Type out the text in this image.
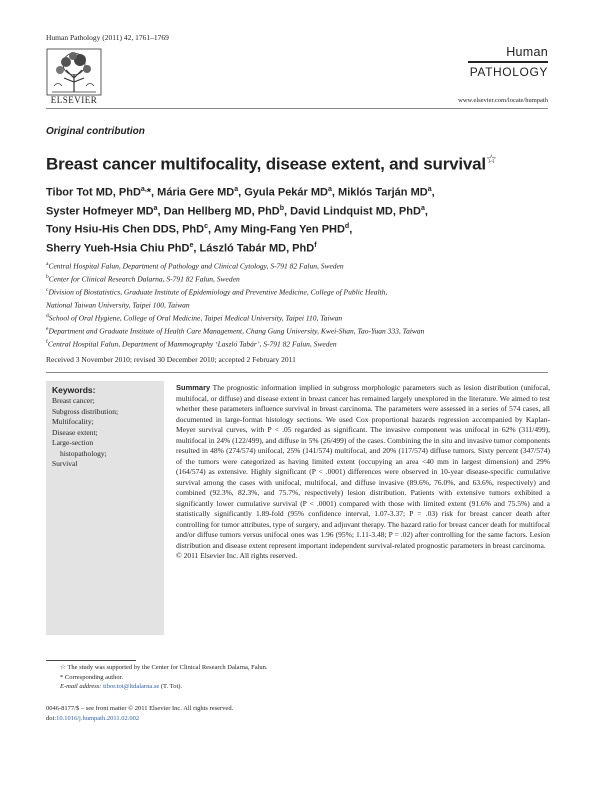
Human Pathology (2011) 42, 1761–1769
ELSEVIER
Human
PATHOLOGY
www.elsevier.com/locate/humpath
Original contribution
Breast cancer multifocality, disease extent, and survival☆

Tibor Tot MD, PhD$^{a,}$*, Mária Gere $MD^a$, Gyula Pekár $MD^a$, Miklós Tarján $MD^a$,

Syster Hofmeyer $MD^a$, Dan Hellberg MD, PhD$^b$, David Lindquist MD, PhD$^a$,

Tony Hsiu-His Chen DDS, PhD$^c$, Amy Ming-Fang Yen PHD$^d$,

Sherry Yueh-Hsia Chiu PhD$^e$, László Tabár MD, PhD$^f$

$^a$Central Hospital Falun, Department of Pathology and Clinical Cytology, S-791 82 Falun, Sweden

$^b$Center for Clinical Research Dalarna, S-791 82 Falun, Sweden

$^c$Division of Biostatistics, Graduate Institute of Epidemiology and Preventive Medicine, College of Public Health,

National Taiwan University, Taipei 100, Taiwan

$^d$School of Oral Hygiene, College of Oral Medicine, Taipei Medical University, Taipei 110, Taiwan

$^e$Department and Graduate Institute of Health Care Management, Chang Gung University, Kwei-Shan, Tao-Yuan 333, Taiwan

$^f$Central Hospital Falun, Department of Mammography ‘Laszló Tabár’, S-791 82 Falun, Sweden

Received 3 November 2010; revised 30 December 2010; accepted 2 February 2011
Keywords:
Breast cancer;
Subgross distribution;
Multifocality;
Disease extent;
Large-section
histopathology;
Survival

Summary The prognostic information implied in subgross morphologic parameters such as lesion distribution (unifocal, multifocal, or diffuse) and disease extent in breast cancer has remained largely unexplored in the literature. We aimed to test whether these parameters influence survival in breast carcinoma. The parameters were assessed in a series of 574 cases, all documented in large-format histology sections. We used Cox proportional hazards regression accompanied by Kaplan-Meyer survival curves, with P < .05 regarded as significant. The invasive component was unifocal in 62% (311/499), multifocal in 24% (122/499), and diffuse in 5% (26/499) of the cases. Combining the in situ and invasive tumor components resulted in 48% (274/574) unifocal, 25% (141/574) multifocal, and 20% (117/574) diffuse tumors. Sixty percent (347/574) of the tumors were categorized as having limited extent (occupying an area <40 mm in largest dimension) and 29% (164/574) as extensive. Highly significant (P < .0001) differences were observed in 10-year disease-specific cumulative survival among the cases with unifocal, multifocal, and diffuse invasive (89.6%, 76.0%, and 63.6%, respectively) and combined (92.3%, 82.3%, and 75.7%, respectively) lesion distribution. Patients with extensive tumors exhibited a significantly lower cumulative survival (P < .0001) compared with those with limited extent (91.6% and 75.5%) and a statistically significantly 1.89-fold (95% confidence interval, 1.07-3.37; P = .03) risk for breast cancer death after controlling for tumor attributes, type of surgery, and adjuvant therapy. The hazard ratio for breast cancer death for multifocal and/or diffuse tumors versus unifocal ones was 1.96 (95%; 1.11-3.48; P = .02) after controlling for the same factors. Lesion distribution and disease extent represent important independent survival-related prognostic parameters in breast carcinoma.

© 2011 Elsevier Inc. All rights reserved.

☆ The study was supported by the Center for Clinical Research Dalarna, Falun.

* Corresponding author.

E-mail address: tibor.tot@ltdalarna.se (T. Tot).

0046-8177/$ – see front matter © 2011 Elsevier Inc. All rights reserved.

doi:10.1016/j.humpath.2011.02.002
